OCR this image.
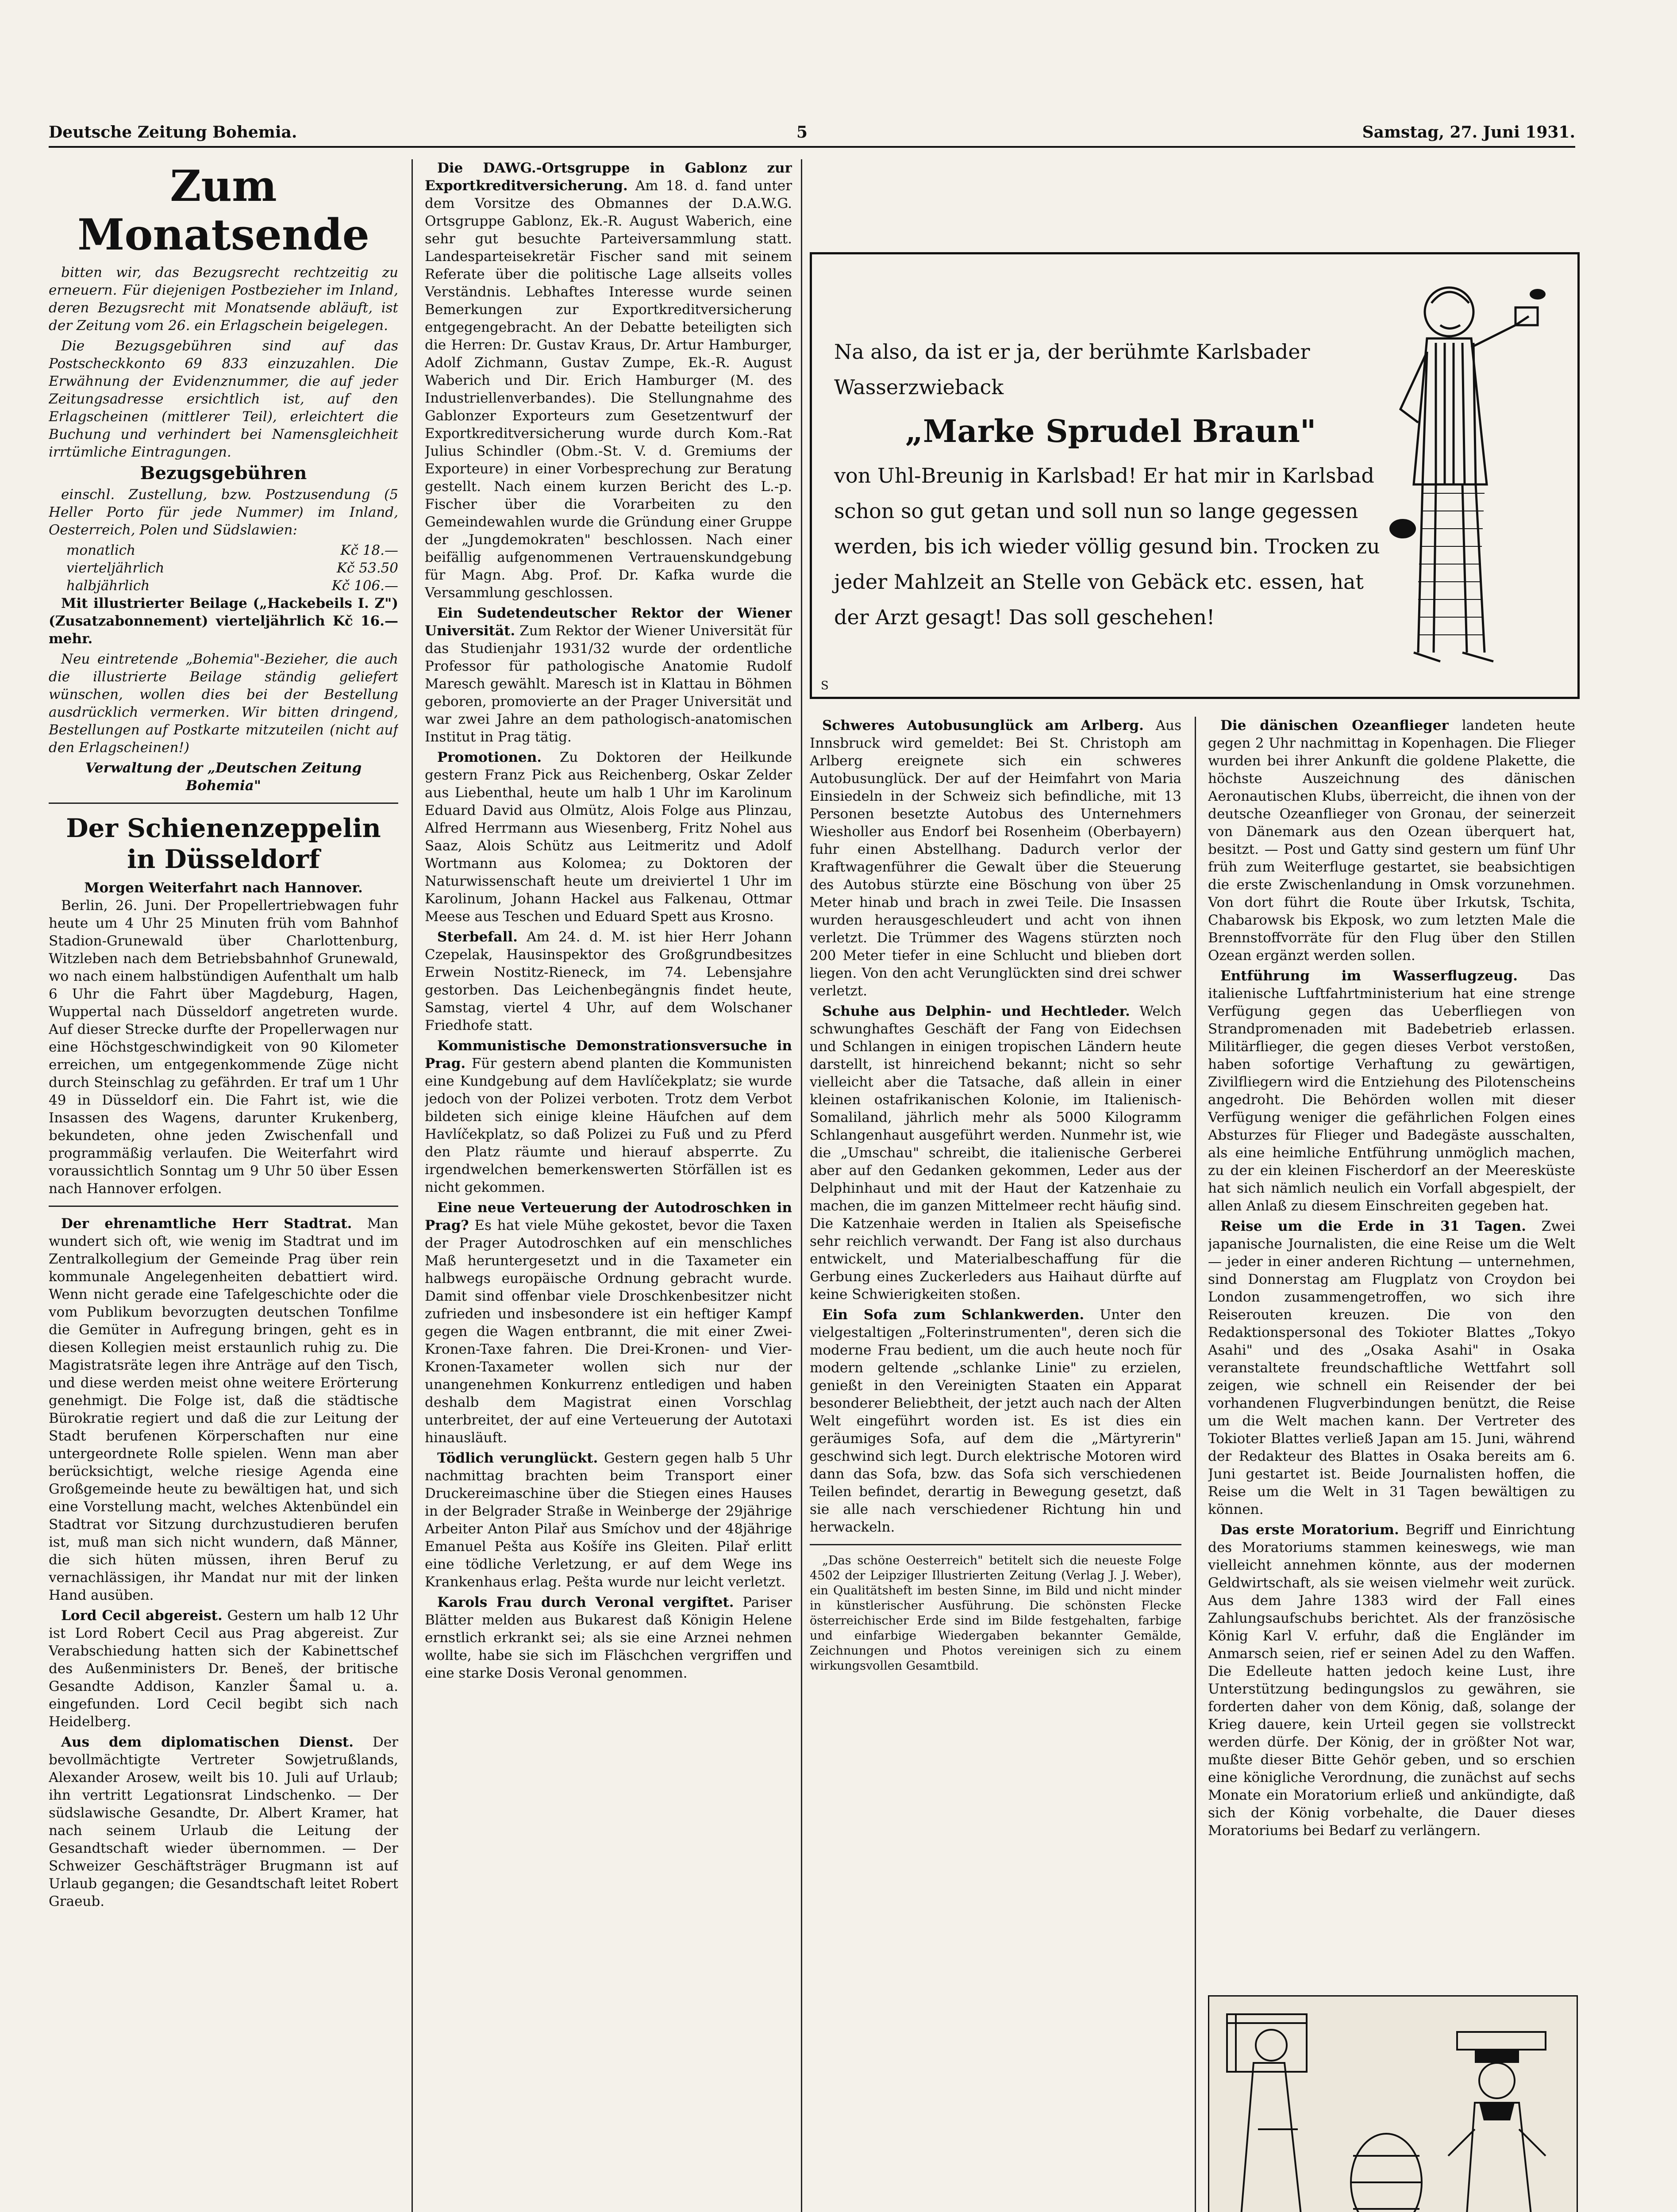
Deutsche Zeitung Bohemia.	5	Samstag, 27. Juni 1931.
Zum Monatsende

bitten wir, das Bezugsrecht rechtzeitig zu erneuern. Für diejenigen Postbezieher im Inland, deren Bezugsrecht mit Monatsende abläuft, ist der Zeitung vom 26. ein Erlagschein beigelegen.

Die Bezugsgebühren sind auf das Postscheckkonto 69 833 einzuzahlen. Die Erwähnung der Evidenznummer, die auf jeder Zeitungsadresse ersichtlich ist, auf den Erlagscheinen (mittlerer Teil), erleichtert die Buchung und verhindert bei Namensgleichheit irrtümliche Eintragungen.

Bezugsgebühren

einschl. Zustellung, bzw. Postzusendung (5 Heller Porto für jede Nummer) im Inland, Oesterreich, Polen und Südslawien:

monatlich	Kč 18.—
vierteljährlich	Kč 53.50
halbjährlich	Kč 106.—

Mit illustrierter Beilage („Hackebeils I. Z") (Zusatzabonnement) vierteljährlich Kč 16.— mehr.

Neu eintretende „Bohemia"-Bezieher, die auch die illustrierte Beilage ständig geliefert wünschen, wollen dies bei der Bestellung ausdrücklich vermerken. Wir bitten dringend, Bestellungen auf Postkarte mitzuteilen (nicht auf den Erlagscheinen!)

Verwaltung der „Deutschen Zeitung Bohemia"
Der Schienenzeppelin in Düsseldorf
Morgen Weiterfahrt nach Hannover.

Berlin, 26. Juni. Der Propellertriebwagen fuhr heute um 4 Uhr 25 Minuten früh vom Bahnhof Stadion-Grunewald über Charlottenburg, Witzleben nach dem Betriebsbahnhof Grunewald, wo nach einem halbstündigen Aufenthalt um halb 6 Uhr die Fahrt über Magdeburg, Hagen, Wuppertal nach Düsseldorf angetreten wurde. Auf dieser Strecke durfte der Propellerwagen nur eine Höchstgeschwindigkeit von 90 Kilometer erreichen, um entgegenkommende Züge nicht durch Steinschlag zu gefährden. Er traf um 1 Uhr 49 in Düsseldorf ein. Die Fahrt ist, wie die Insassen des Wagens, darunter Krukenberg, bekundeten, ohne jeden Zwischenfall und programmäßig verlaufen. Die Weiterfahrt wird voraussichtlich Sonntag um 9 Uhr 50 über Essen nach Hannover erfolgen.

Der ehrenamtliche Herr Stadtrat. Man wundert sich oft, wie wenig im Stadtrat und im Zentralkollegium der Gemeinde Prag über rein kommunale Angelegenheiten debattiert wird. Wenn nicht gerade eine Tafelgeschichte oder die vom Publikum bevorzugten deutschen Tonfilme die Gemüter in Aufregung bringen, geht es in diesen Kollegien meist erstaunlich ruhig zu. Die Magistratsräte legen ihre Anträge auf den Tisch, und diese werden meist ohne weitere Erörterung genehmigt. Die Folge ist, daß die städtische Bürokratie regiert und daß die zur Leitung der Stadt berufenen Körperschaften nur eine untergeordnete Rolle spielen. Wenn man aber berücksichtigt, welche riesige Agenda eine Großgemeinde heute zu bewältigen hat, und sich eine Vorstellung macht, welches Aktenbündel ein Stadtrat vor Sitzung durchzustudieren berufen ist, muß man sich nicht wundern, daß Männer, die sich hüten müssen, ihren Beruf zu vernachlässigen, ihr Mandat nur mit der linken Hand ausüben.

Lord Cecil abgereist. Gestern um halb 12 Uhr ist Lord Robert Cecil aus Prag abgereist. Zur Verabschiedung hatten sich der Kabinettschef des Außenministers Dr. Beneš, der britische Gesandte Addison, Kanzler Šamal u. a. eingefunden. Lord Cecil begibt sich nach Heidelberg.

Aus dem diplomatischen Dienst. Der bevollmächtigte Vertreter Sowjetrußlands, Alexander Arosew, weilt bis 10. Juli auf Urlaub; ihn vertritt Legationsrat Lindschenko. — Der südslawische Gesandte, Dr. Albert Kramer, hat nach seinem Urlaub die Leitung der Gesandtschaft wieder übernommen. — Der Schweizer Geschäftsträger Brugmann ist auf Urlaub gegangen; die Gesandtschaft leitet Robert Graeub.

Die DAWG.-Ortsgruppe in Gablonz zur Exportkreditversicherung. Am 18. d. fand unter dem Vorsitze des Obmannes der D.A.W.G. Ortsgruppe Gablonz, Ek.-R. August Waberich, eine sehr gut besuchte Parteiversammlung statt. Landesparteisekretär Fischer sand mit seinem Referate über die politische Lage allseits volles Verständnis. Lebhaftes Interesse wurde seinen Bemerkungen zur Exportkreditversicherung entgegengebracht. An der Debatte beteiligten sich die Herren: Dr. Gustav Kraus, Dr. Artur Hamburger, Adolf Zichmann, Gustav Zumpe, Ek.-R. August Waberich und Dir. Erich Hamburger (M. des Industriellenverbandes). Die Stellungnahme des Gablonzer Exporteurs zum Gesetzentwurf der Exportkreditversicherung wurde durch Kom.-Rat Julius Schindler (Obm.-St. V. d. Gremiums der Exporteure) in einer Vorbesprechung zur Beratung gestellt. Nach einem kurzen Bericht des L.-p. Fischer über die Vorarbeiten zu den Gemeindewahlen wurde die Gründung einer Gruppe der „Jungdemokraten" beschlossen. Nach einer beifällig aufgenommenen Vertrauenskundgebung für Magn. Abg. Prof. Dr. Kafka wurde die Versammlung geschlossen.

Ein Sudetendeutscher Rektor der Wiener Universität. Zum Rektor der Wiener Universität für das Studienjahr 1931/32 wurde der ordentliche Professor für pathologische Anatomie Rudolf Maresch gewählt. Maresch ist in Klattau in Böhmen geboren, promovierte an der Prager Universität und war zwei Jahre an dem pathologisch-anatomischen Institut in Prag tätig.

Promotionen. Zu Doktoren der Heilkunde gestern Franz Pick aus Reichenberg, Oskar Zelder aus Liebenthal, heute um halb 1 Uhr im Karolinum Eduard David aus Olmütz, Alois Folge aus Plinzau, Alfred Herrmann aus Wiesenberg, Fritz Nohel aus Saaz, Alois Schütz aus Leitmeritz und Adolf Wortmann aus Kolomea; zu Doktoren der Naturwissenschaft heute um dreiviertel 1 Uhr im Karolinum, Johann Hackel aus Falkenau, Ottmar Meese aus Teschen und Eduard Spett aus Krosno.

Sterbefall. Am 24. d. M. ist hier Herr Johann Czepelak, Hausinspektor des Großgrundbesitzes Erwein Nostitz-Rieneck, im 74. Lebensjahre gestorben. Das Leichenbegängnis findet heute, Samstag, viertel 4 Uhr, auf dem Wolschaner Friedhofe statt.

Kommunistische Demonstrationsversuche in Prag. Für gestern abend planten die Kommunisten eine Kundgebung auf dem Havlíčekplatz; sie wurde jedoch von der Polizei verboten. Trotz dem Verbot bildeten sich einige kleine Häufchen auf dem Havlíčekplatz, so daß Polizei zu Fuß und zu Pferd den Platz räumte und hierauf absperrte. Zu irgendwelchen bemerkenswerten Störfällen ist es nicht gekommen.

Eine neue Verteuerung der Autodroschken in Prag? Es hat viele Mühe gekostet, bevor die Taxen der Prager Autodroschken auf ein menschliches Maß heruntergesetzt und in die Taxameter ein halbwegs europäische Ordnung gebracht wurde. Damit sind offenbar viele Droschkenbesitzer nicht zufrieden und insbesondere ist ein heftiger Kampf gegen die Wagen entbrannt, die mit einer Zwei-Kronen-Taxe fahren. Die Drei-Kronen- und Vier-Kronen-Taxameter wollen sich nur der unangenehmen Konkurrenz entledigen und haben deshalb dem Magistrat einen Vorschlag unterbreitet, der auf eine Verteuerung der Autotaxi hinausläuft.

Tödlich verunglückt. Gestern gegen halb 5 Uhr nachmittag brachten beim Transport einer Druckereimaschine über die Stiegen eines Hauses in der Belgrader Straße in Weinberge der 29jährige Arbeiter Anton Pilař aus Smíchov und der 48jährige Emanuel Pešta aus Košíře ins Gleiten. Pilař erlitt eine tödliche Verletzung, er auf dem Wege ins Krankenhaus erlag. Pešta wurde nur leicht verletzt.

Karols Frau durch Veronal vergiftet. Pariser Blätter melden aus Bukarest daß Königin Helene ernstlich erkrankt sei; als sie eine Arznei nehmen wollte, habe sie sich im Fläschchen vergriffen und eine starke Dosis Veronal genommen.

Na also, da ist er ja, der berühmte Karlsbader Wasserzwieback
„Marke Sprudel Braun"
von Uhl-Breunig in Karlsbad! Er hat mir in Karlsbad schon so gut getan und soll nun so lange gegessen werden, bis ich wieder völlig gesund bin. Trocken zu jeder Mahlzeit an Stelle von Gebäck etc. essen, hat der Arzt gesagt! Das soll geschehen!
S

Schweres Autobusunglück am Arlberg. Aus Innsbruck wird gemeldet: Bei St. Christoph am Arlberg ereignete sich ein schweres Autobusunglück. Der auf der Heimfahrt von Maria Einsiedeln in der Schweiz sich befindliche, mit 13 Personen besetzte Autobus des Unternehmers Wiesholler aus Endorf bei Rosenheim (Oberbayern) fuhr einen Abstellhang. Dadurch verlor der Kraftwagenführer die Gewalt über die Steuerung des Autobus stürzte eine Böschung von über 25 Meter hinab und brach in zwei Teile. Die Insassen wurden herausgeschleudert und acht von ihnen verletzt. Die Trümmer des Wagens stürzten noch 200 Meter tiefer in eine Schlucht und blieben dort liegen. Von den acht Verunglückten sind drei schwer verletzt.

Schuhe aus Delphin- und Hechtleder. Welch schwunghaftes Geschäft der Fang von Eidechsen und Schlangen in einigen tropischen Ländern heute darstellt, ist hinreichend bekannt; nicht so sehr vielleicht aber die Tatsache, daß allein in einer kleinen ostafrikanischen Kolonie, im Italienisch-Somaliland, jährlich mehr als 5000 Kilogramm Schlangenhaut ausgeführt werden. Nunmehr ist, wie die „Umschau" schreibt, die italienische Gerberei aber auf den Gedanken gekommen, Leder aus der Delphinhaut und mit der Haut der Katzenhaie zu machen, die im ganzen Mittelmeer recht häufig sind. Die Katzenhaie werden in Italien als Speisefische sehr reichlich verwandt. Der Fang ist also durchaus entwickelt, und Materialbeschaffung für die Gerbung eines Zuckerleders aus Haihaut dürfte auf keine Schwierigkeiten stoßen.

Ein Sofa zum Schlankwerden. Unter den vielgestaltigen „Folterinstrumenten", deren sich die moderne Frau bedient, um die auch heute noch für modern geltende „schlanke Linie" zu erzielen, genießt in den Vereinigten Staaten ein Apparat besonderer Beliebtheit, der jetzt auch nach der Alten Welt eingeführt worden ist. Es ist dies ein geräumiges Sofa, auf dem die „Märtyrerin" geschwind sich legt. Durch elektrische Motoren wird dann das Sofa, bzw. das Sofa sich verschiedenen Teilen befindet, derartig in Bewegung gesetzt, daß sie alle nach verschiedener Richtung hin und herwackeln.

„Das schöne Oesterreich" betitelt sich die neueste Folge 4502 der Leipziger Illustrierten Zeitung (Verlag J. J. Weber), ein Qualitätsheft im besten Sinne, im Bild und nicht minder in künstlerischer Ausführung. Die schönsten Flecke österreichischer Erde sind im Bilde festgehalten, farbige und einfarbige Wiedergaben bekannter Gemälde, Zeichnungen und Photos vereinigen sich zu einem wirkungsvollen Gesamtbild.

Die dänischen Ozeanflieger landeten heute gegen 2 Uhr nachmittag in Kopenhagen. Die Flieger wurden bei ihrer Ankunft die goldene Plakette, die höchste Auszeichnung des dänischen Aeronautischen Klubs, überreicht, die ihnen von der deutsche Ozeanflieger von Gronau, der seinerzeit von Dänemark aus den Ozean überquert hat, besitzt. — Post und Gatty sind gestern um fünf Uhr früh zum Weiterfluge gestartet, sie beabsichtigen die erste Zwischenlandung in Omsk vorzunehmen. Von dort führt die Route über Irkutsk, Tschita, Chabarowsk bis Ekposk, wo zum letzten Male die Brennstoffvorräte für den Flug über den Stillen Ozean ergänzt werden sollen.

Entführung im Wasserflugzeug. Das italienische Luftfahrtministerium hat eine strenge Verfügung gegen das Ueberfliegen von Strandpromenaden mit Badebetrieb erlassen. Militärflieger, die gegen dieses Verbot verstoßen, haben sofortige Verhaftung zu gewärtigen, Zivilfliegern wird die Entziehung des Pilotenscheins angedroht. Die Behörden wollen mit dieser Verfügung weniger die gefährlichen Folgen eines Absturzes für Flieger und Badegäste ausschalten, als eine heimliche Entführung unmöglich machen, zu der ein kleinen Fischerdorf an der Meeresküste hat sich nämlich neulich ein Vorfall abgespielt, der allen Anlaß zu diesem Einschreiten gegeben hat.

Reise um die Erde in 31 Tagen. Zwei japanische Journalisten, die eine Reise um die Welt — jeder in einer anderen Richtung — unternehmen, sind Donnerstag am Flugplatz von Croydon bei London zusammengetroffen, wo sich ihre Reiserouten kreuzen. Die von den Redaktionspersonal des Tokioter Blattes „Tokyo Asahi" und des „Osaka Asahi" in Osaka veranstaltete freundschaftliche Wettfahrt soll zeigen, wie schnell ein Reisender der bei vorhandenen Flugverbindungen benützt, die Reise um die Welt machen kann. Der Vertreter des Tokioter Blattes verließ Japan am 15. Juni, während der Redakteur des Blattes in Osaka bereits am 6. Juni gestartet ist. Beide Journalisten hoffen, die Reise um die Welt in 31 Tagen bewältigen zu können.

Das erste Moratorium. Begriff und Einrichtung des Moratoriums stammen keineswegs, wie man vielleicht annehmen könnte, aus der modernen Geldwirtschaft, als sie weisen vielmehr weit zurück. Aus dem Jahre 1383 wird der Fall eines Zahlungsaufschubs berichtet. Als der französische König Karl V. erfuhr, daß die Engländer im Anmarsch seien, rief er seinen Adel zu den Waffen. Die Edelleute hatten jedoch keine Lust, ihre Unterstützung bedingungslos zu gewähren, sie forderten daher von dem König, daß, solange der Krieg dauere, kein Urteil gegen sie vollstreckt werden dürfe. Der König, der in größter Not war, mußte dieser Bitte Gehör geben, und so erschien eine königliche Verordnung, die zunächst auf sechs Monate ein Moratorium erließ und ankündigte, daß sich der König vorbehalte, die Dauer dieses Moratoriums bei Bedarf zu verlängern.
